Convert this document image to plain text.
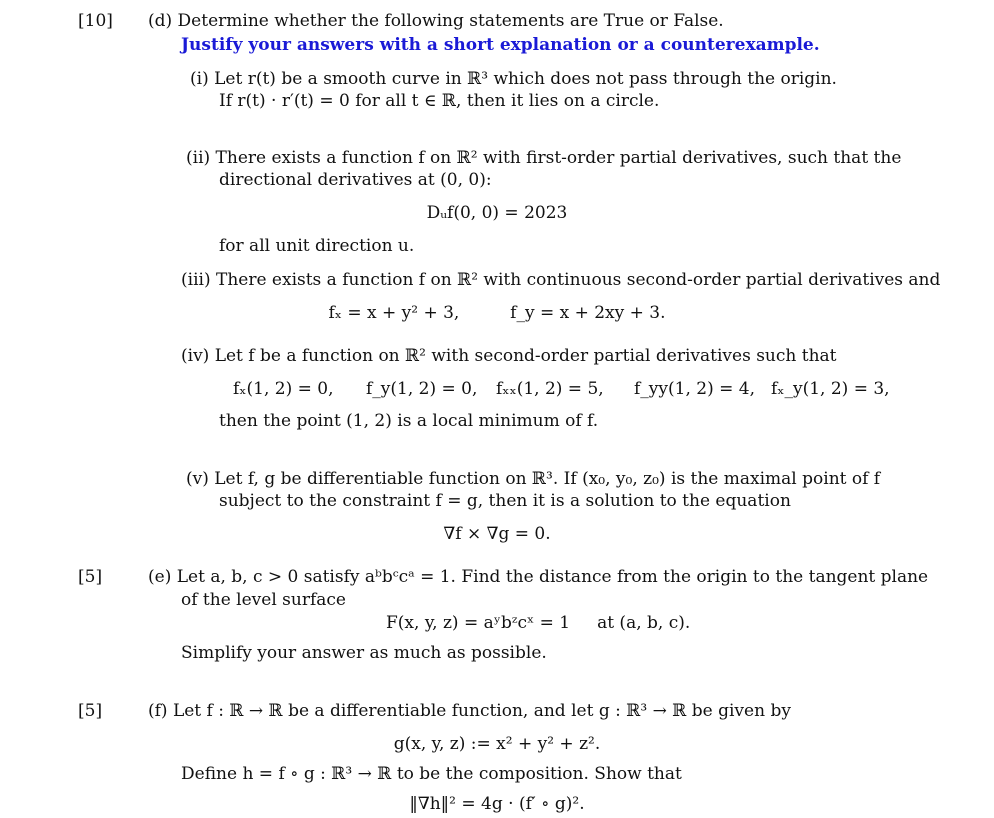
[10]
[5]
[5]
(d) Determine whether the following statements are True or False.
Justify your answers with a short explanation or a counterexample.
(i) Let r(t) be a smooth curve in ℝ³ which does not pass through the origin.
If r(t) · r′(t) = 0 for all t ∈ ℝ, then it lies on a circle.
(ii) There exists a function f on ℝ² with first-order partial derivatives, such that the
directional derivatives at (0, 0):
Dᵤf(0, 0) = 2023
for all unit direction u.
(iii) There exists a function f on ℝ² with continuous second-order partial derivatives and
fₓ = x + y² + 3,	f_y = x + 2xy + 3.
(iv) Let f be a function on ℝ² with second-order partial derivatives such that
fₓ(1, 2) = 0, f_y(1, 2) = 0, fₓₓ(1, 2) = 5, f_yy(1, 2) = 4, fₓ_y(1, 2) = 3,
then the point (1, 2) is a local minimum of f.
(v) Let f, g be differentiable function on ℝ³. If (x₀, y₀, z₀) is the maximal point of f
subject to the constraint f = g, then it is a solution to the equation
∇f × ∇g = 0.
(e) Let a, b, c > 0 satisfy aᵇbᶜcᵃ = 1. Find the distance from the origin to the tangent plane
of the level surface
F(x, y, z) = aʸbᶻcˣ = 1     at (a, b, c).
Simplify your answer as much as possible.
(f) Let f : ℝ → ℝ be a differentiable function, and let g : ℝ³ → ℝ be given by
g(x, y, z) := x² + y² + z².
Define h = f ∘ g : ℝ³ → ℝ to be the composition. Show that
‖∇h‖² = 4g · (f′ ∘ g)².
